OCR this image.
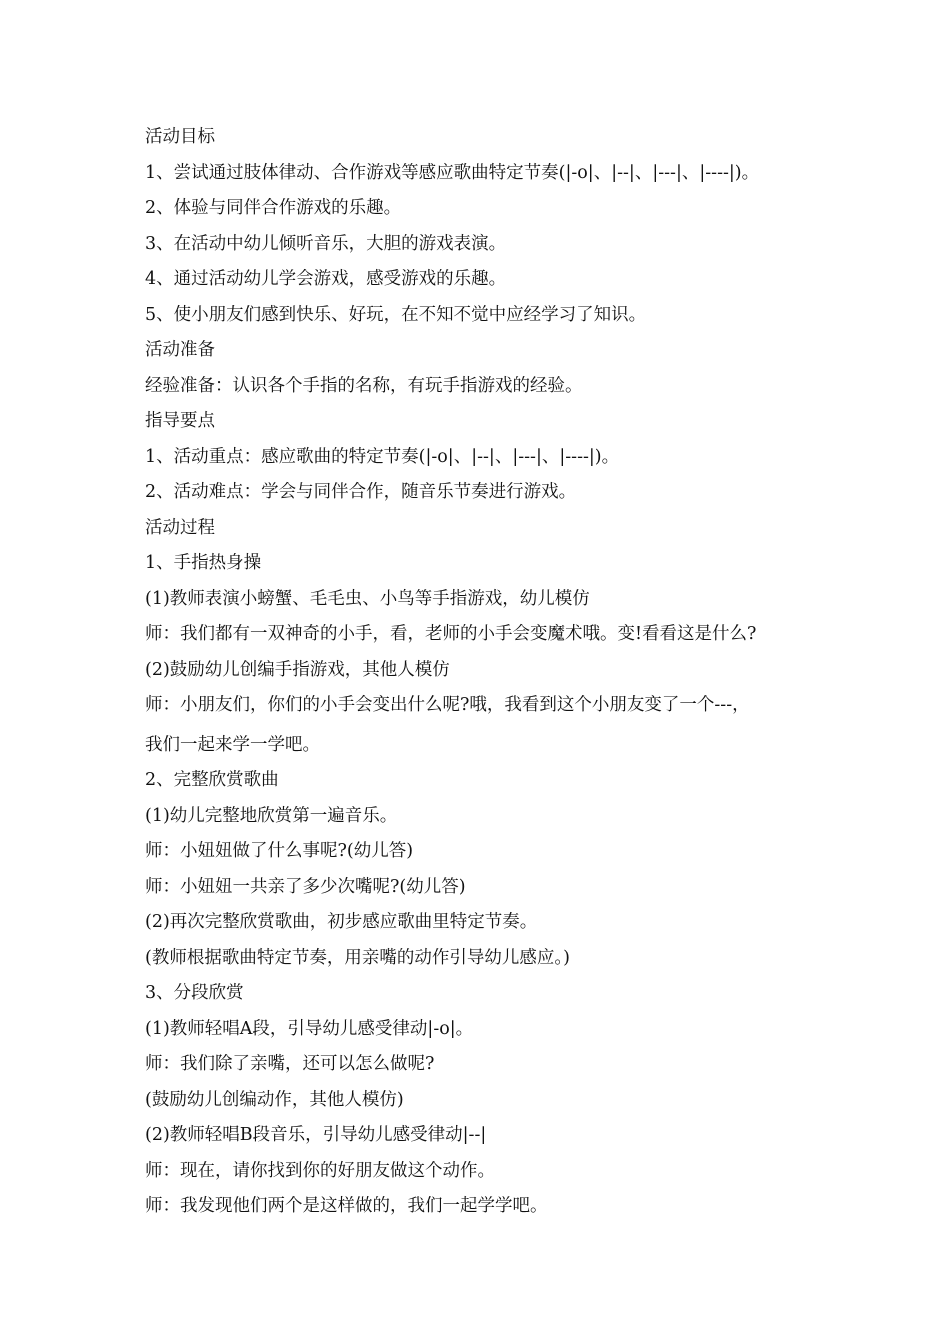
活动目标
1、尝试通过肢体律动、合作游戏等感应歌曲特定节奏(|-o|、|--|、|---|、|----|)。
2、体验与同伴合作游戏的乐趣。
3、在活动中幼儿倾听音乐，大胆的游戏表演。
4、通过活动幼儿学会游戏，感受游戏的乐趣。
5、使小朋友们感到快乐、好玩，在不知不觉中应经学习了知识。
活动准备
经验准备：认识各个手指的名称，有玩手指游戏的经验。
指导要点
1、活动重点：感应歌曲的特定节奏(|-o|、|--|、|---|、|----|)。
2、活动难点：学会与同伴合作，随音乐节奏进行游戏。
活动过程
1、手指热身操
(1)教师表演小螃蟹、毛毛虫、小鸟等手指游戏，幼儿模仿
师：我们都有一双神奇的小手，看，老师的小手会变魔术哦。变!看看这是什么?
(2)鼓励幼儿创编手指游戏，其他人模仿
师：小朋友们，你们的小手会变出什么呢?哦，我看到这个小朋友变了一个---，
我们一起来学一学吧。
2、完整欣赏歌曲
(1)幼儿完整地欣赏第一遍音乐。
师：小妞妞做了什么事呢?(幼儿答)
师：小妞妞一共亲了多少次嘴呢?(幼儿答)
(2)再次完整欣赏歌曲，初步感应歌曲里特定节奏。
(教师根据歌曲特定节奏，用亲嘴的动作引导幼儿感应。)
3、分段欣赏
(1)教师轻唱A段，引导幼儿感受律动|-o|。
师：我们除了亲嘴，还可以怎么做呢?
(鼓励幼儿创编动作，其他人模仿)
(2)教师轻唱B段音乐，引导幼儿感受律动|--|
师：现在，请你找到你的好朋友做这个动作。
师：我发现他们两个是这样做的，我们一起学学吧。
